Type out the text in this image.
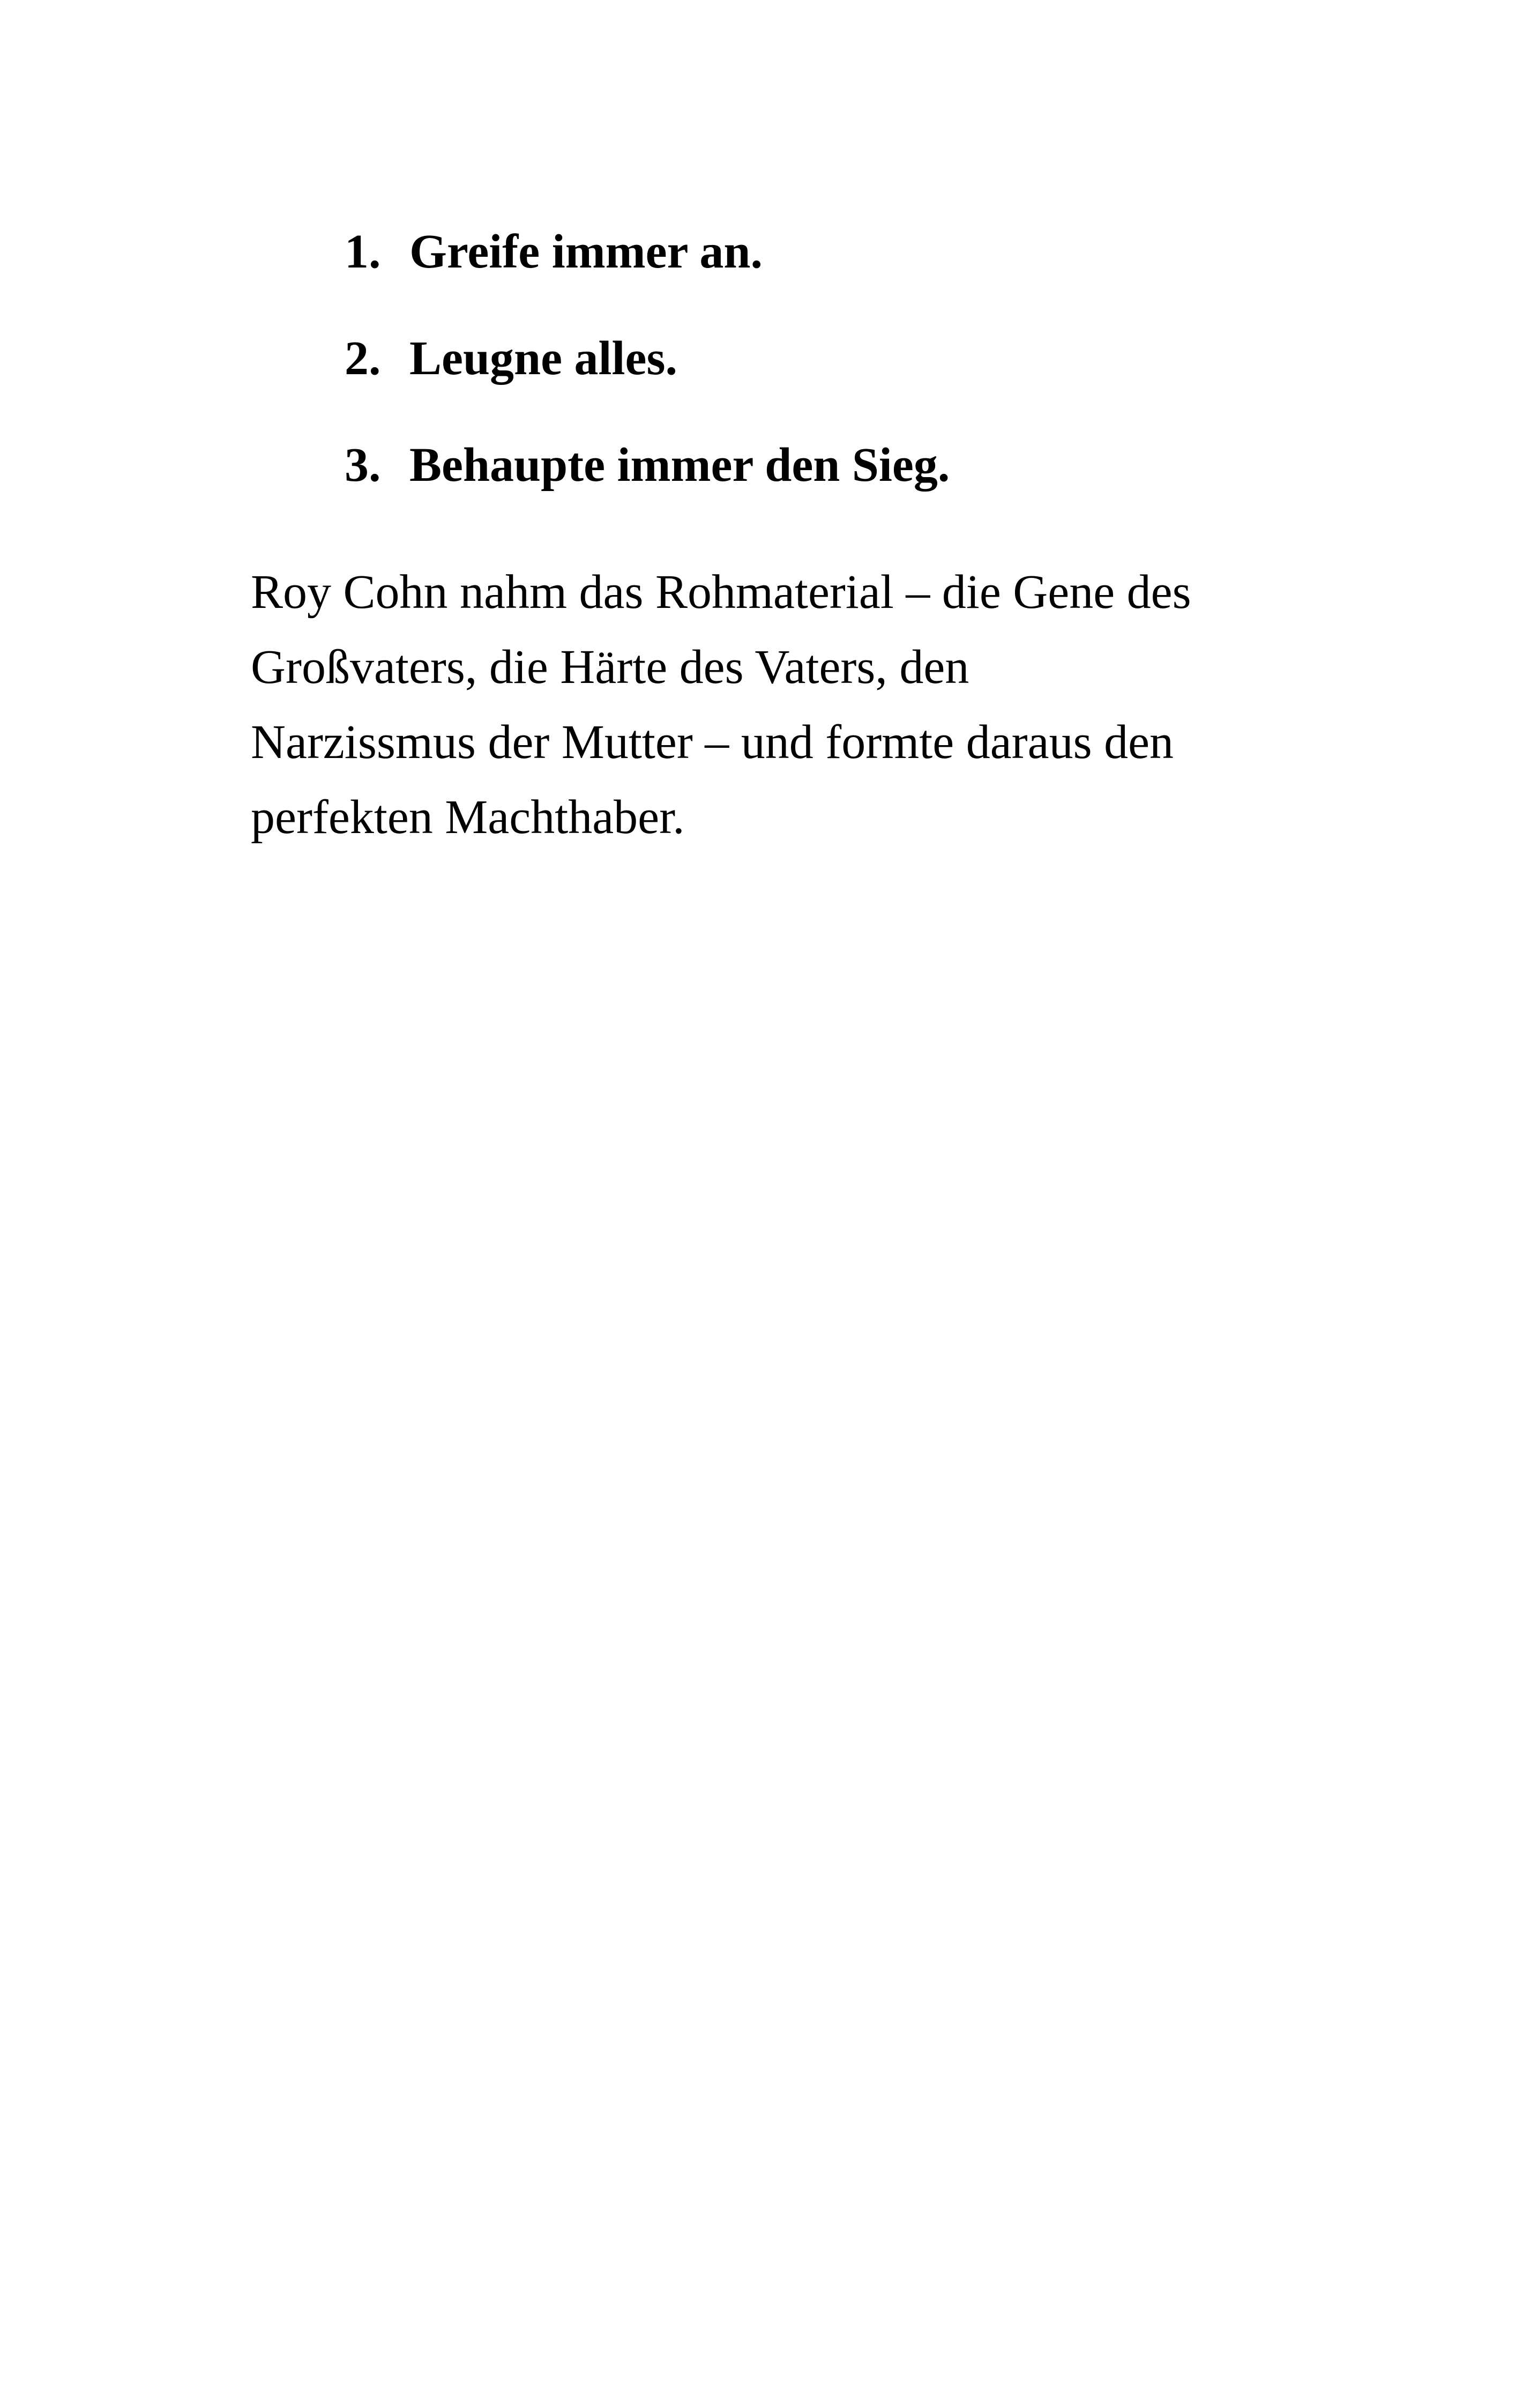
1. Greife immer an.
2. Leugne alles.
3. Behaupte immer den Sieg.

Roy Cohn nahm das Rohmaterial – die Gene des
Großvaters, die Härte des Vaters, den
Narzissmus der Mutter – und formte daraus den
perfekten Machthaber.
